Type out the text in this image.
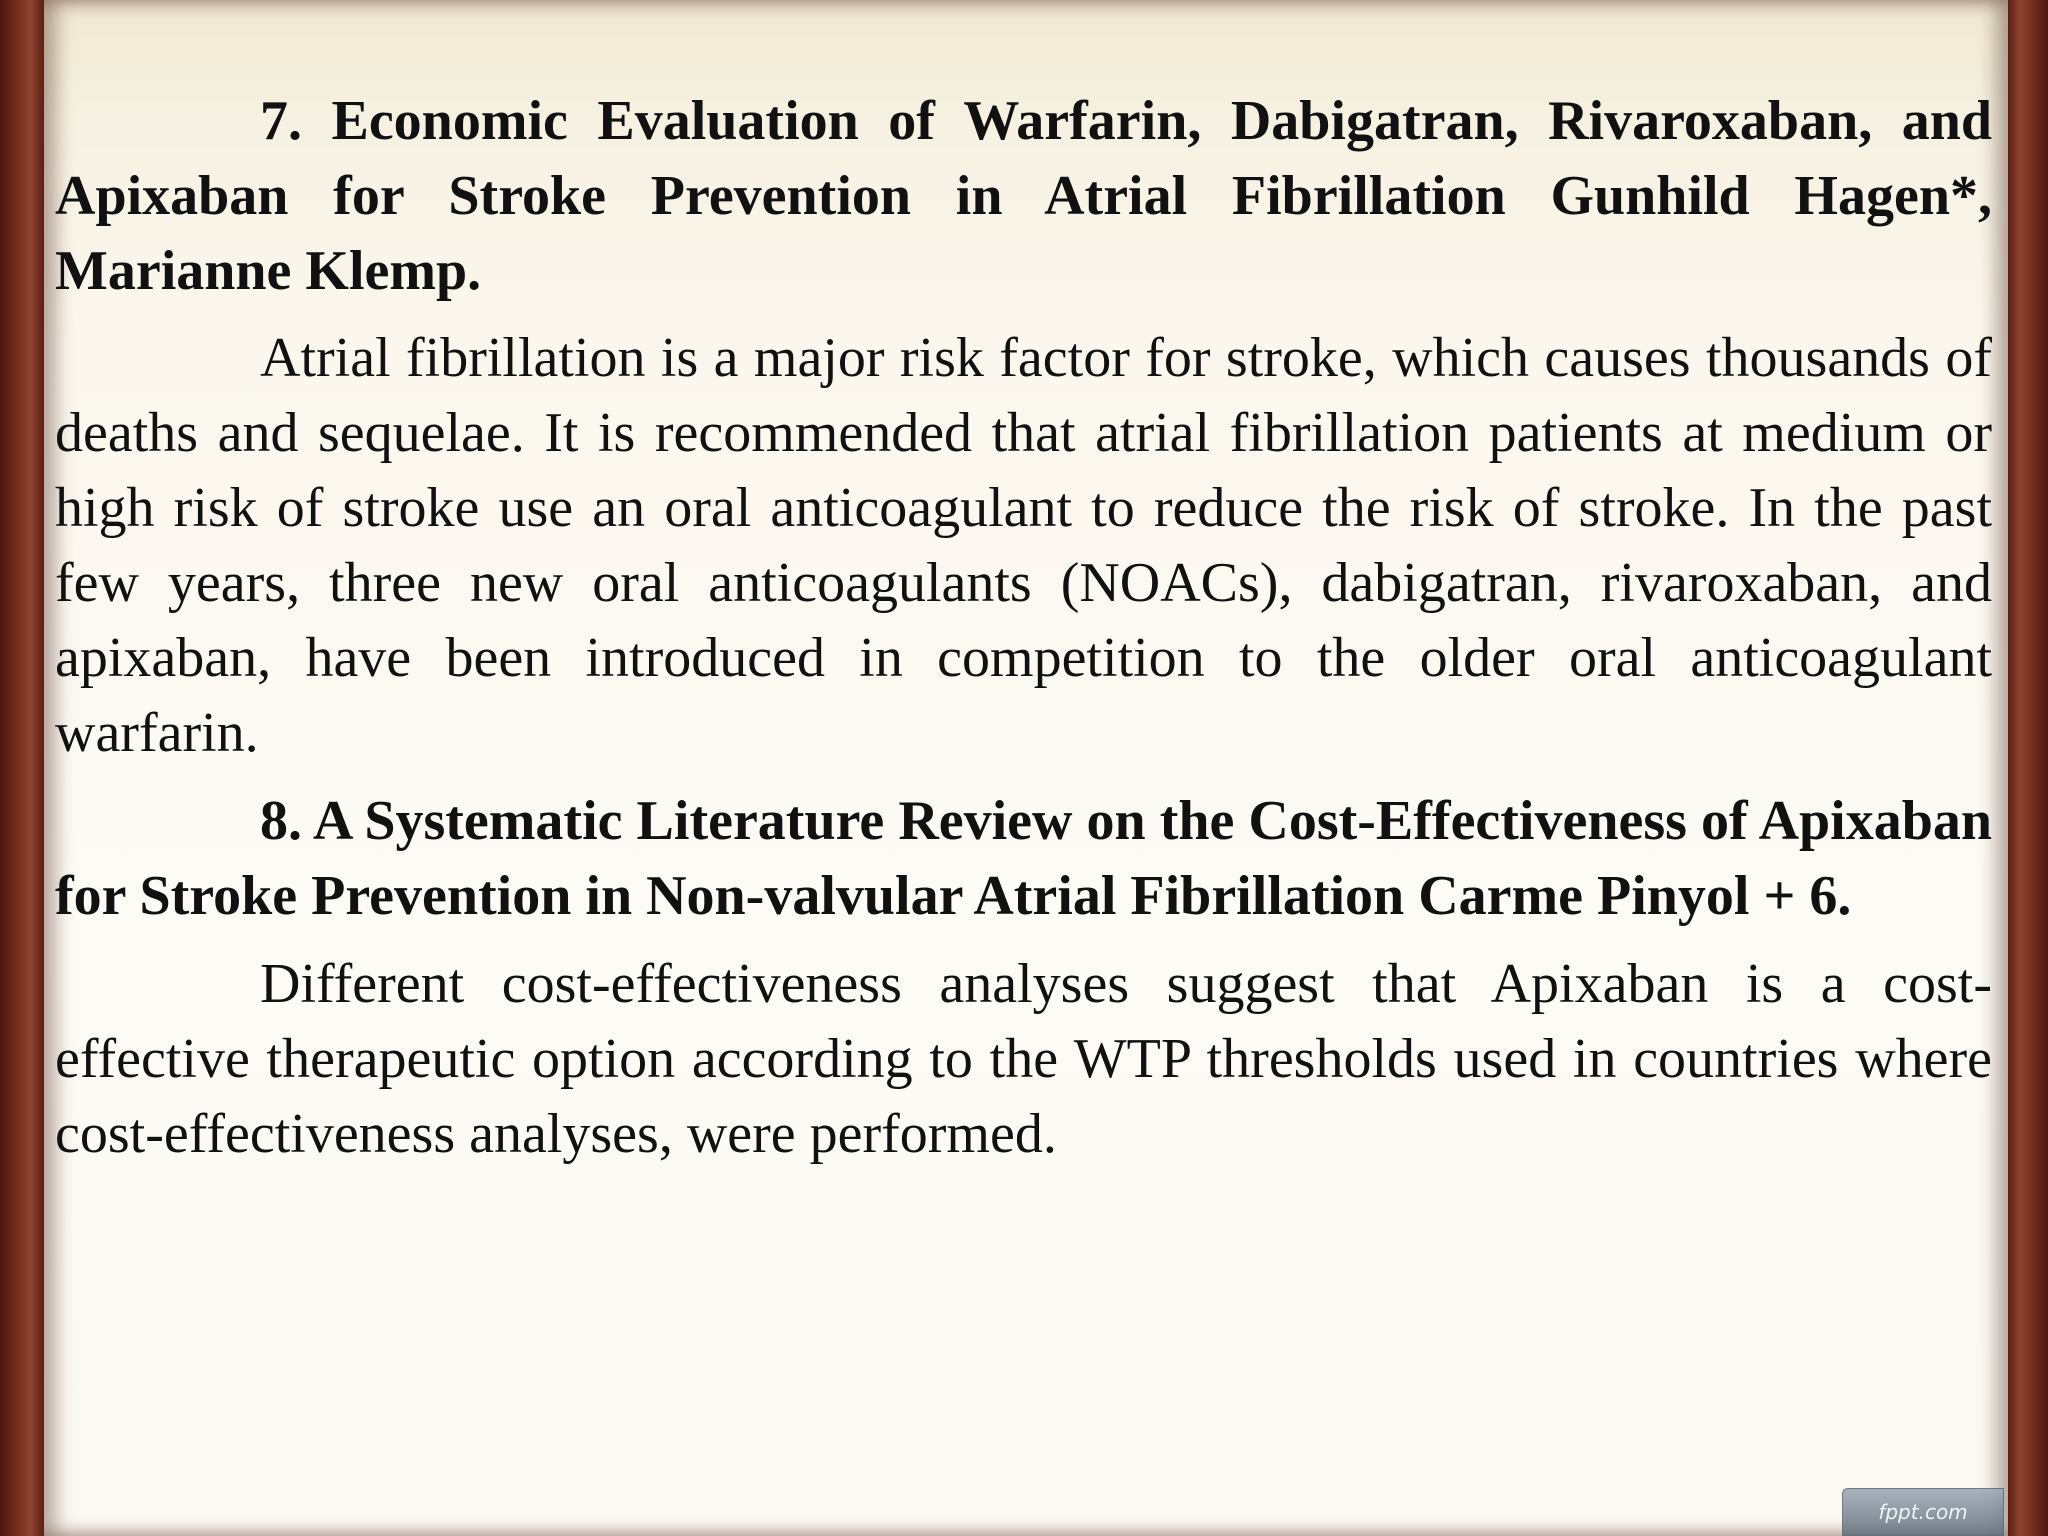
7. Economic Evaluation of Warfarin, Dabigatran, Rivaroxaban, and Apixaban for Stroke Prevention in Atrial Fibrillation Gunhild Hagen*, Marianne Klemp.

Atrial fibrillation is a major risk factor for stroke, which causes thousands of deaths and sequelae. It is recommended that atrial fibrillation patients at medium or high risk of stroke use an oral anticoagulant to reduce the risk of stroke. In the past few years, three new oral anticoagulants (NOACs), dabigatran, rivaroxaban, and apixaban, have been introduced in competition to the older oral anticoagulant warfarin.

8. A Systematic Literature Review on the Cost-Effectiveness of Apixaban for Stroke Prevention in Non-valvular Atrial Fibrillation Carme Pinyol + 6.

Different cost-effectiveness analyses suggest that Apixaban is a cost-effective therapeutic option according to the WTP thresholds used in countries where cost-effectiveness analyses, were performed.

fppt.com
